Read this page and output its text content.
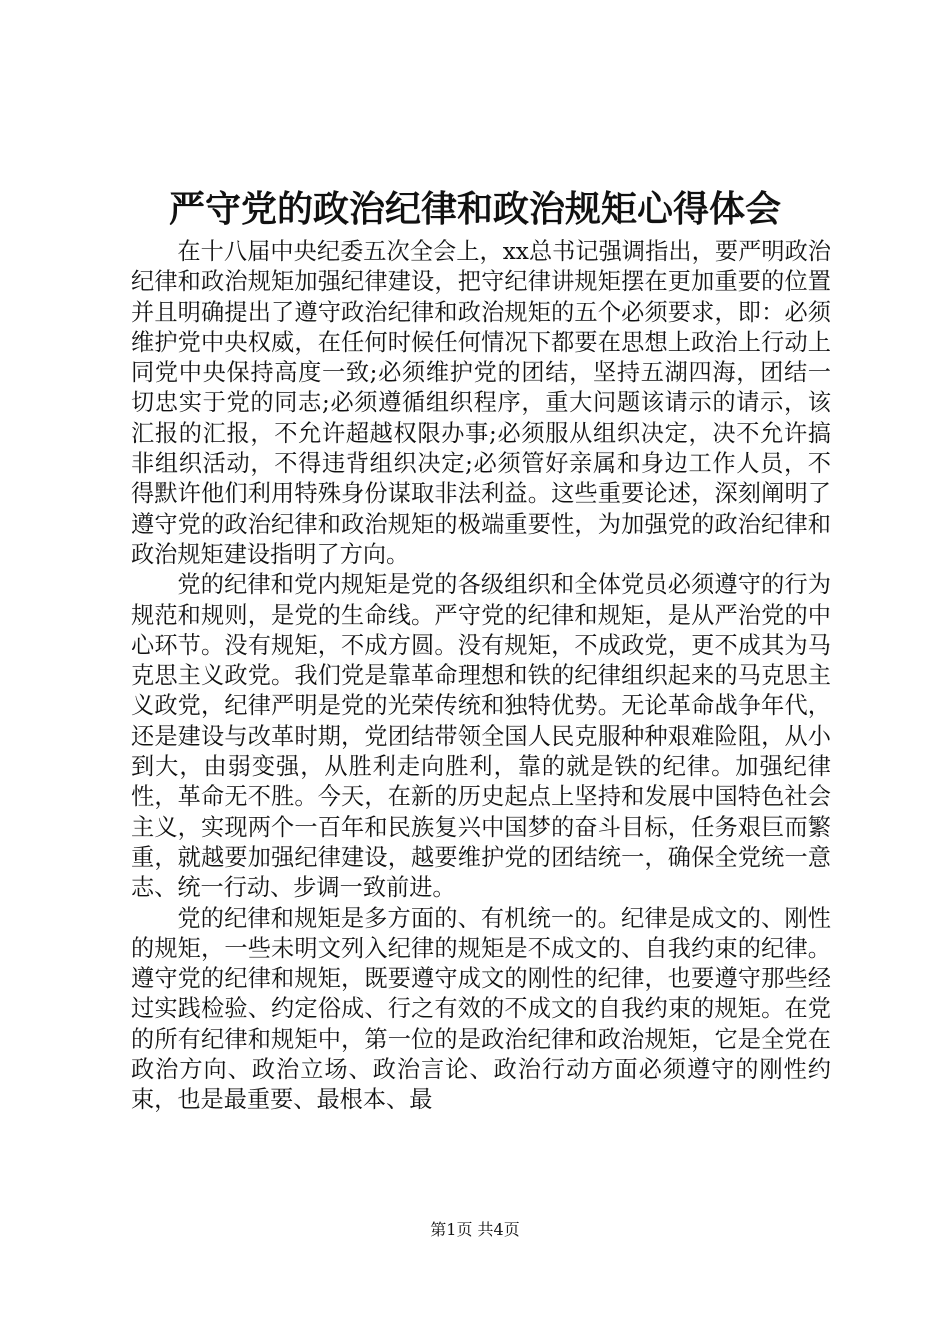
严守党的政治纪律和政治规矩心得体会

在十八届中央纪委五次全会上，xx总书记强调指出，要严明政治纪律和政治规矩加强纪律建设，把守纪律讲规矩摆在更加重要的位置并且明确提出了遵守政治纪律和政治规矩的五个必须要求，即：必须维护党中央权威，在任何时候任何情况下都要在思想上政治上行动上同党中央保持高度一致;必须维护党的团结，坚持五湖四海，团结一切忠实于党的同志;必须遵循组织程序，重大问题该请示的请示，该汇报的汇报，不允许超越权限办事;必须服从组织决定，决不允许搞非组织活动，不得违背组织决定;必须管好亲属和身边工作人员，不得默许他们利用特殊身份谋取非法利益。这些重要论述，深刻阐明了遵守党的政治纪律和政治规矩的极端重要性，为加强党的政治纪律和政治规矩建设指明了方向。

党的纪律和党内规矩是党的各级组织和全体党员必须遵守的行为规范和规则，是党的生命线。严守党的纪律和规矩，是从严治党的中心环节。没有规矩，不成方圆。没有规矩，不成政党，更不成其为马克思主义政党。我们党是靠革命理想和铁的纪律组织起来的马克思主义政党，纪律严明是党的光荣传统和独特优势。无论革命战争年代，还是建设与改革时期，党团结带领全国人民克服种种艰难险阻，从小到大，由弱变强，从胜利走向胜利，靠的就是铁的纪律。加强纪律性，革命无不胜。今天，在新的历史起点上坚持和发展中国特色社会主义，实现两个一百年和民族复兴中国梦的奋斗目标，任务艰巨而繁重，就越要加强纪律建设，越要维护党的团结统一，确保全党统一意志、统一行动、步调一致前进。

党的纪律和规矩是多方面的、有机统一的。纪律是成文的、刚性的规矩，一些未明文列入纪律的规矩是不成文的、自我约束的纪律。遵守党的纪律和规矩，既要遵守成文的刚性的纪律，也要遵守那些经过实践检验、约定俗成、行之有效的不成文的自我约束的规矩。在党的所有纪律和规矩中，第一位的是政治纪律和政治规矩，它是全党在政治方向、政治立场、政治言论、政治行动方面必须遵守的刚性约束，也是最重要、最根本、最

第1页 共4页
